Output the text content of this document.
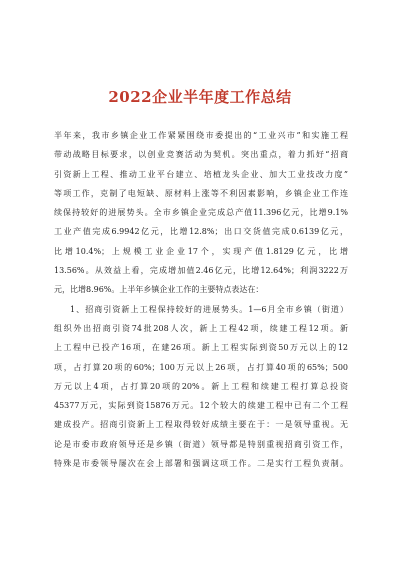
2022企业半年度工作总结
半年来，我市乡镇企业工作紧紧围绕市委提出的“工业兴市”和实施工程
带动战略目标要求，以创业竞赛活动为契机。突出重点，着力抓好“招商
引资新上工程、推动工业平台建立、培植龙头企业、加大工业技改力度”
等项工作，克制了电短缺、原材料上涨等不利因素影响，乡镇企业工作连
续保持较好的进展势头。全市乡镇企业完成总产值11.396亿元，比增9.1%
工业产值完成6.9942亿元，比增12.8%；出口交货值完成0.6139亿元，
比增10.4%；上规模工业企业17个，实现产值1.8129亿元，比增
13.56%。从效益上看，完成增加值2.46亿元，比增12.64%；利润3222万
元，比增8.96%。上半年乡镇企业工作的主要特点表达在：
1、招商引资新上工程保持较好的进展势头。1—6月全市乡镇（街道）
组织外出招商引资74批208人次，新上工程42项，续建工程12项。新
上工程中已投产16项，在建26项。新上工程实际到资50万元以上的12
项，占打算20项的60%；100万元以上26项，占打算40项的65%；500
万元以上4项，占打算20项的20%。新上工程和续建工程打算总投资
45377万元，实际到资15876万元。12个较大的续建工程中已有二个工程
建成投产。招商引资新上工程取得较好成绩主要在于：一是领导重视。无
论是市委市政府领导还是乡镇（街道）领导都是特别重视招商引资工作，
特殊是市委领导屡次在会上部署和强调这项工作。二是实行工程负责制。
